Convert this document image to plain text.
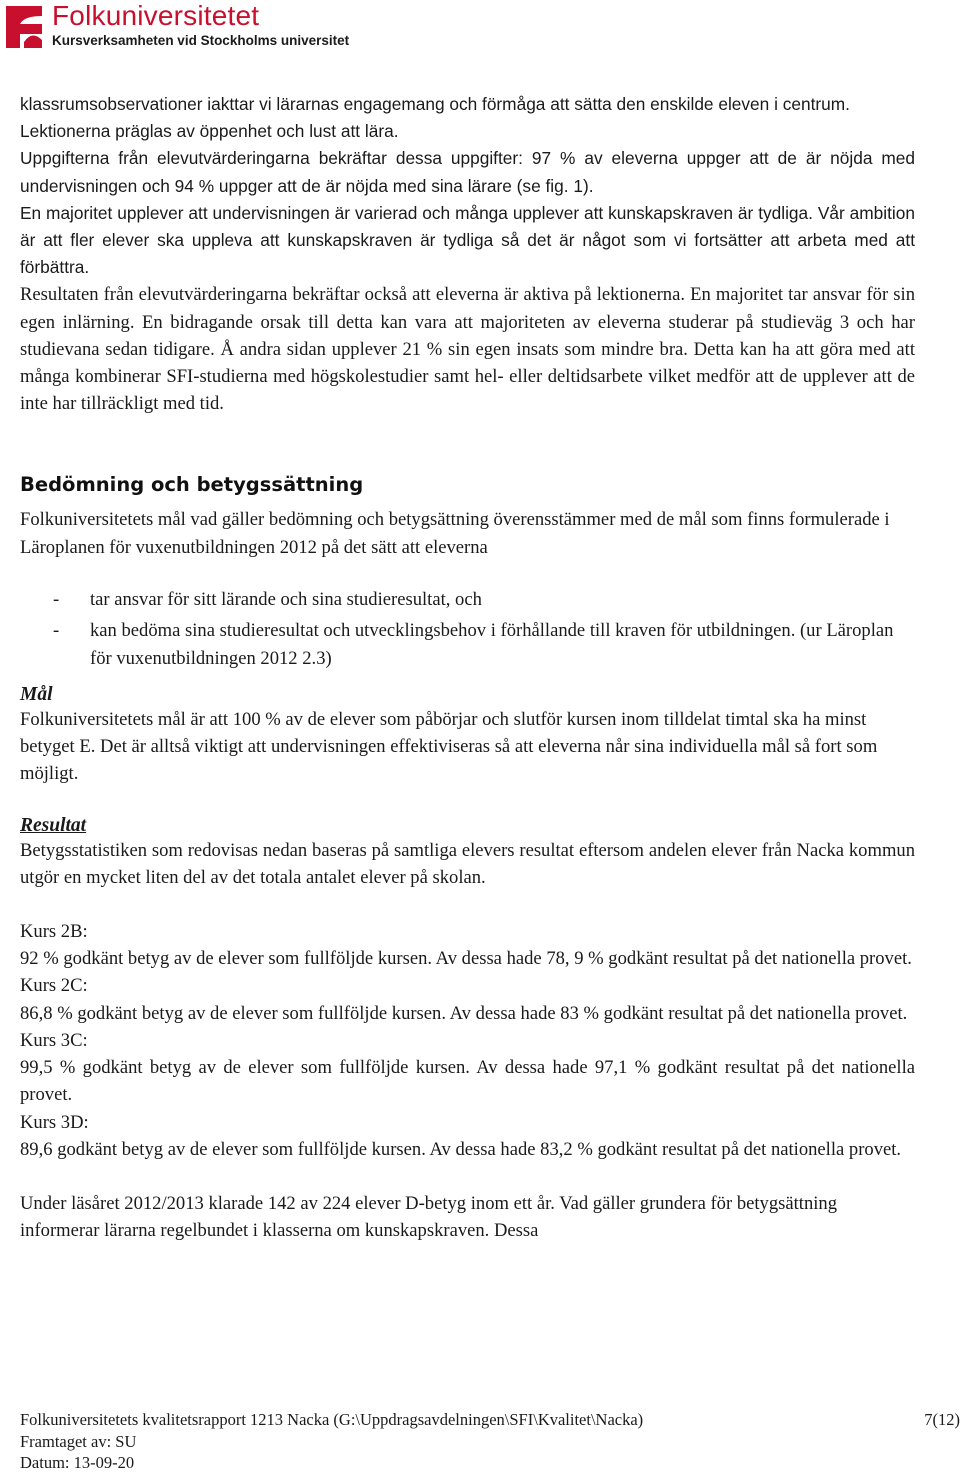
Folkuniversitetet
Kursverksamheten vid Stockholms universitet

klassrumsobservationer iakttar vi lärarnas engagemang och förmåga att sätta den enskilde eleven i centrum. Lektionerna präglas av öppenhet och lust att lära.

Uppgifterna från elevutvärderingarna bekräftar dessa uppgifter: 97 % av eleverna uppger att de är nöjda med undervisningen och 94 % uppger att de är nöjda med sina lärare (se fig. 1).

En majoritet upplever att undervisningen är varierad och många upplever att kunskapskraven är tydliga. Vår ambition är att fler elever ska uppleva att kunskapskraven är tydliga så det är något som vi fortsätter att arbeta med att förbättra.

Resultaten från elevutvärderingarna bekräftar också att eleverna är aktiva på lektionerna. En majoritet tar ansvar för sin egen inlärning. En bidragande orsak till detta kan vara att majoriteten av eleverna studerar på studieväg 3 och har studievana sedan tidigare. Å andra sidan upplever 21 % sin egen insats som mindre bra. Detta kan ha att göra med att många kombinerar SFI-studierna med högskolestudier samt hel- eller deltidsarbete vilket medför att de upplever att de inte har tillräckligt med tid.

Bedömning och betygssättning

Folkuniversitetets mål vad gäller bedömning och betygsättning överensstämmer med de mål som finns formulerade i Läroplanen för vuxenutbildningen 2012 på det sätt att eleverna

- tar ansvar för sitt lärande och sina studieresultat, och
- kan bedöma sina studieresultat och utvecklingsbehov i förhållande till kraven för utbildningen. (ur Läroplan för vuxenutbildningen 2012 2.3)

Mål

Folkuniversitetets mål är att 100 % av de elever som påbörjar och slutför kursen inom tilldelat timtal ska ha minst betyget E. Det är alltså viktigt att undervisningen effektiviseras så att eleverna når sina individuella mål så fort som möjligt.

Resultat

Betygsstatistiken som redovisas nedan baseras på samtliga elevers resultat eftersom andelen elever från Nacka kommun utgör en mycket liten del av det totala antalet elever på skolan.

Kurs 2B:

92 % godkänt betyg av de elever som fullföljde kursen. Av dessa hade 78, 9 % godkänt resultat på det nationella provet.

Kurs 2C:

86,8 % godkänt betyg av de elever som fullföljde kursen. Av dessa hade 83 % godkänt resultat på det nationella provet.

Kurs 3C:

99,5 % godkänt betyg av de elever som fullföljde kursen. Av dessa hade 97,1 % godkänt resultat på det nationella provet.

Kurs 3D:

89,6 godkänt betyg av de elever som fullföljde kursen. Av dessa hade 83,2 % godkänt resultat på det nationella provet.

Under läsåret 2012/2013 klarade 142 av 224 elever D-betyg inom ett år. Vad gäller grundera för betygsättning informerar lärarna regelbundet i klasserna om kunskapskraven. Dessa

Folkuniversitetets kvalitetsrapport 1213 Nacka (G:\Uppdragsavdelningen\SFI\Kvalitet\Nacka)	7(12)
Framtaget av: SU
Datum: 13-09-20
